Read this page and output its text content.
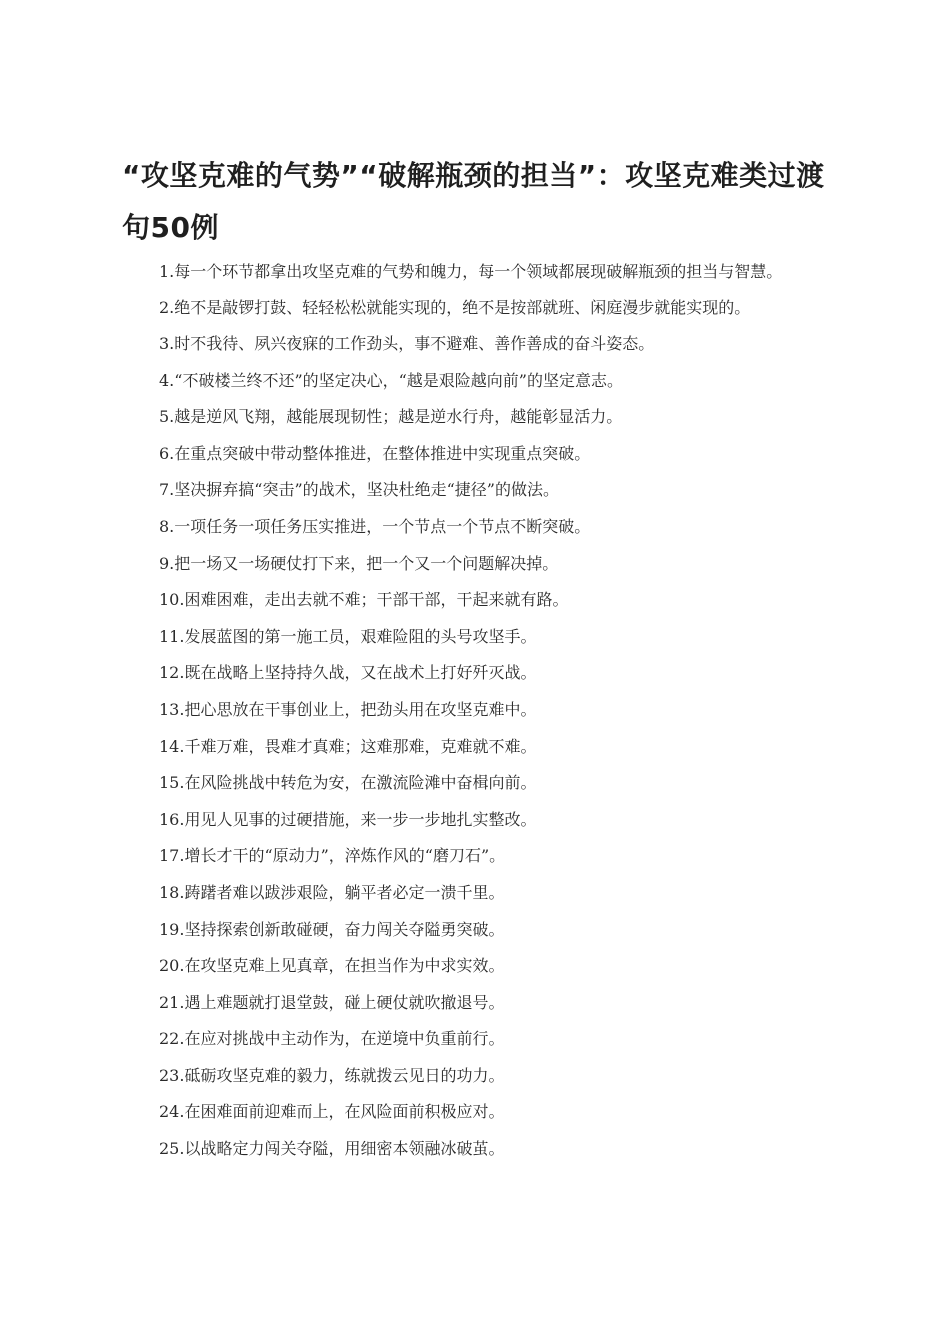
“攻坚克难的气势”“破解瓶颈的担当”：攻坚克难类过渡句50例
1.每一个环节都拿出攻坚克难的气势和魄力，每一个领域都展现破解瓶颈的担当与智慧。
2.绝不是敲锣打鼓、轻轻松松就能实现的，绝不是按部就班、闲庭漫步就能实现的。
3.时不我待、夙兴夜寐的工作劲头，事不避难、善作善成的奋斗姿态。
4.“不破楼兰终不还”的坚定决心，“越是艰险越向前”的坚定意志。
5.越是逆风飞翔，越能展现韧性；越是逆水行舟，越能彰显活力。
6.在重点突破中带动整体推进，在整体推进中实现重点突破。
7.坚决摒弃搞“突击”的战术，坚决杜绝走“捷径”的做法。
8.一项任务一项任务压实推进，一个节点一个节点不断突破。
9.把一场又一场硬仗打下来，把一个又一个问题解决掉。
10.困难困难，走出去就不难；干部干部，干起来就有路。
11.发展蓝图的第一施工员，艰难险阻的头号攻坚手。
12.既在战略上坚持持久战，又在战术上打好歼灭战。
13.把心思放在干事创业上，把劲头用在攻坚克难中。
14.千难万难，畏难才真难；这难那难，克难就不难。
15.在风险挑战中转危为安，在激流险滩中奋楫向前。
16.用见人见事的过硬措施，来一步一步地扎实整改。
17.增长才干的“原动力”，淬炼作风的“磨刀石”。
18.踌躇者难以跋涉艰险，躺平者必定一溃千里。
19.坚持探索创新敢碰硬，奋力闯关夺隘勇突破。
20.在攻坚克难上见真章，在担当作为中求实效。
21.遇上难题就打退堂鼓，碰上硬仗就吹撤退号。
22.在应对挑战中主动作为，在逆境中负重前行。
23.砥砺攻坚克难的毅力，练就拨云见日的功力。
24.在困难面前迎难而上，在风险面前积极应对。
25.以战略定力闯关夺隘，用细密本领融冰破茧。
